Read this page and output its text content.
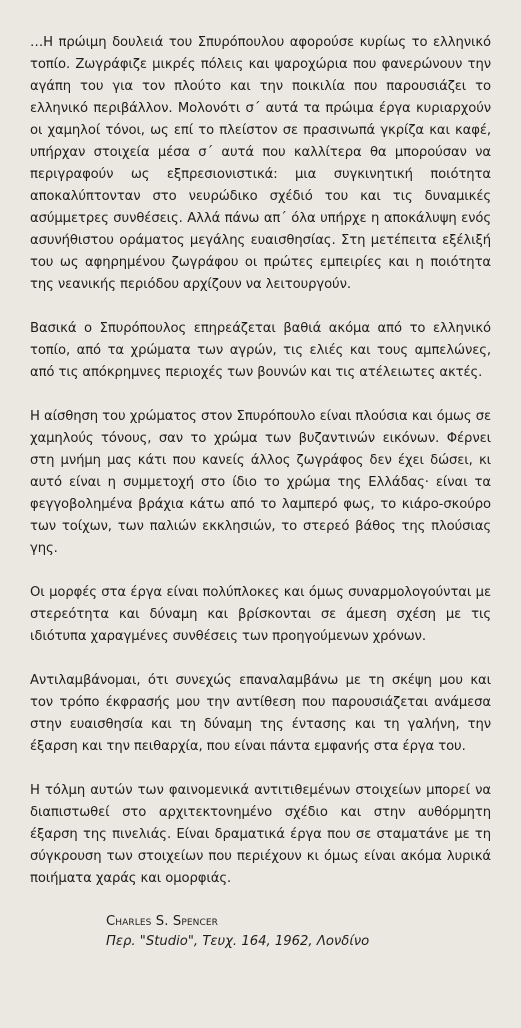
…Η πρώιμη δουλειά του Σπυρόπουλου αφορούσε κυρίως το ελληνικό τοπίο. Ζωγράφιζε μικρές πόλεις και ψαροχώρια που φανερώνουν την αγάπη του για τον πλούτο και την ποικιλία που παρουσιάζει το ελληνικό περιβάλλον. Μολονότι σ΄ αυτά τα πρώιμα έργα κυριαρχούν οι χαμηλοί τόνοι, ως επί το πλείστον σε πρασινωπά γκρίζα και καφέ, υπήρχαν στοιχεία μέσα σ΄ αυτά που καλλίτερα θα μπορούσαν να περιγραφούν ως εξπρεσιονιστικά: μια συγκινητική ποιότητα αποκαλύπτονταν στο νευρώδικο σχέδιό του και τις δυναμικές ασύμμετρες συνθέσεις. Αλλά πάνω απ΄ όλα υπήρχε η αποκάλυψη ενός ασυνήθιστου οράματος μεγάλης ευαισθησίας. Στη μετέπειτα εξέλιξή του ως αφηρημένου ζωγράφου οι πρώτες εμπειρίες και η ποιότητα της νεανικής περιόδου αρχίζουν να λειτουργούν.

Βασικά ο Σπυρόπουλος επηρεάζεται βαθιά ακόμα από το ελληνικό τοπίο, από τα χρώματα των αγρών, τις ελιές και τους αμπελώνες, από τις απόκρημνες περιοχές των βουνών και τις ατέλειωτες ακτές.

Η αίσθηση του χρώματος στον Σπυρόπουλο είναι πλούσια και όμως σε χαμηλούς τόνους, σαν το χρώμα των βυζαντινών εικόνων. Φέρνει στη μνήμη μας κάτι που κανείς άλλος ζωγράφος δεν έχει δώσει, κι αυτό είναι η συμμετοχή στο ίδιο το χρώμα της Ελλάδας· είναι τα φεγγοβολημένα βράχια κάτω από το λαμπερό φως, το κιάρο-σκούρο των τοίχων, των παλιών εκκλησιών, το στερεό βάθος της πλούσιας γης.

Οι μορφές στα έργα είναι πολύπλοκες και όμως συναρμολογούνται με στερεότητα και δύναμη και βρίσκονται σε άμεση σχέση με τις ιδιότυπα χαραγμένες συνθέσεις των προηγούμενων χρόνων.

Αντιλαμβάνομαι, ότι συνεχώς επαναλαμβάνω με τη σκέψη μου και τον τρόπο έκφρασής μου την αντίθεση που παρουσιάζεται ανάμεσα στην ευαισθησία και τη δύναμη της έντασης και τη γαλήνη, την έξαρση και την πειθαρχία, που είναι πάντα εμφανής στα έργα του.

Η τόλμη αυτών των φαινομενικά αντιτιθεμένων στοιχείων μπορεί να διαπιστωθεί στο αρχιτεκτονημένο σχέδιο και στην αυθόρμητη έξαρση της πινελιάς. Είναι δραματικά έργα που σε σταματάνε με τη σύγκρουση των στοιχείων που περιέχουν κι όμως είναι ακόμα λυρικά ποιήματα χαράς και ομορφιάς.

Charles S. Spencer
Περ. "Studio", Τευχ. 164, 1962, Λονδίνο
